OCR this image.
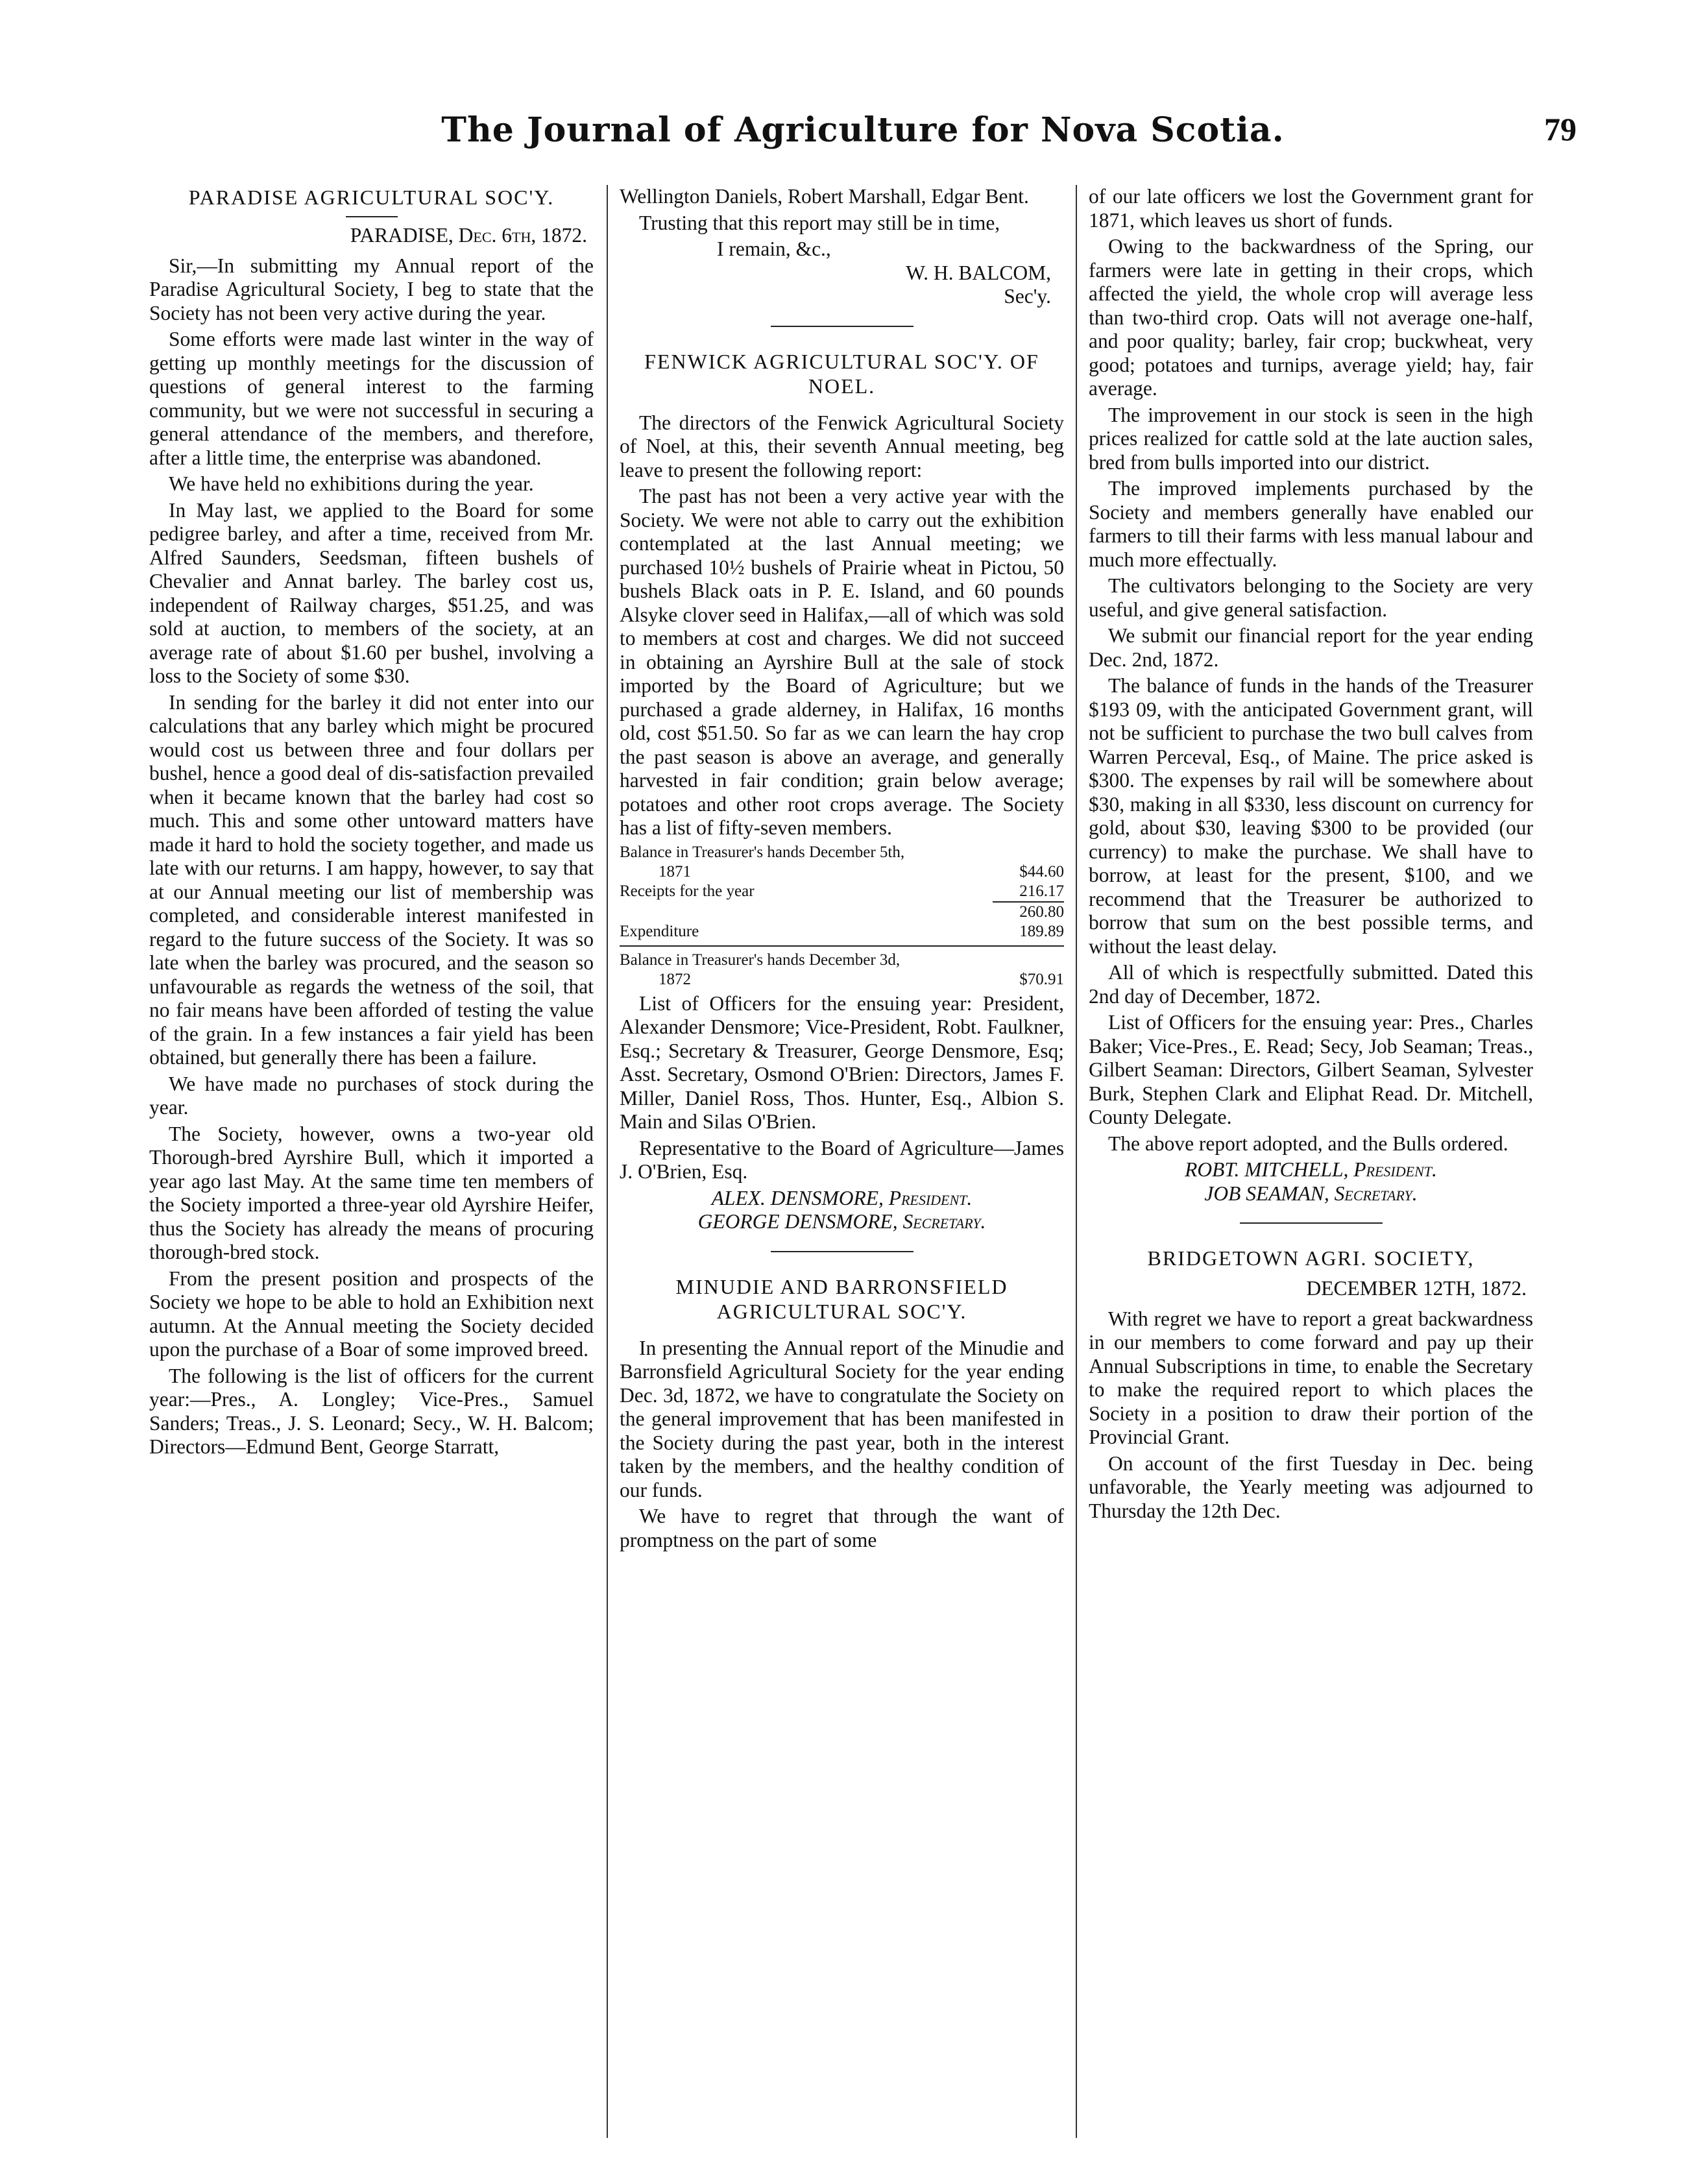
The Journal of Agriculture for Nova Scotia.	79
PARADISE AGRICULTURAL SOC'Y.
PARADISE, Dec. 6th, 1872.

Sir,—In submitting my Annual report of the Paradise Agricultural Society, I beg to state that the Society has not been very active during the year.

Some efforts were made last winter in the way of getting up monthly meetings for the discussion of questions of general interest to the farming community, but we were not successful in securing a general attendance of the members, and therefore, after a little time, the enterprise was abandoned.

We have held no exhibitions during the year.

In May last, we applied to the Board for some pedigree barley, and after a time, received from Mr. Alfred Saunders, Seedsman, fifteen bushels of Chevalier and Annat barley. The barley cost us, independent of Railway charges, $51.25, and was sold at auction, to members of the society, at an average rate of about $1.60 per bushel, involving a loss to the Society of some $30.

In sending for the barley it did not enter into our calculations that any barley which might be procured would cost us between three and four dollars per bushel, hence a good deal of dis-satisfaction prevailed when it became known that the barley had cost so much. This and some other untoward matters have made it hard to hold the society together, and made us late with our returns. I am happy, however, to say that at our Annual meeting our list of membership was completed, and considerable interest manifested in regard to the future success of the Society. It was so late when the barley was procured, and the season so unfavourable as regards the wetness of the soil, that no fair means have been afforded of testing the value of the grain. In a few instances a fair yield has been obtained, but generally there has been a failure.

We have made no purchases of stock during the year.

The Society, however, owns a two-year old Thorough-bred Ayrshire Bull, which it imported a year ago last May. At the same time ten members of the Society imported a three-year old Ayrshire Heifer, thus the Society has already the means of procuring thorough-bred stock.

From the present position and prospects of the Society we hope to be able to hold an Exhibition next autumn. At the Annual meeting the Society decided upon the purchase of a Boar of some improved breed.

The following is the list of officers for the current year:—Pres., A. Longley; Vice-Pres., Samuel Sanders; Treas., J. S. Leonard; Secy., W. H. Balcom; Directors—Edmund Bent, George Starratt,

Wellington Daniels, Robert Marshall, Edgar Bent.

Trusting that this report may still be in time,

I remain, &c.,
W. H. BALCOM,
Sec'y.
FENWICK AGRICULTURAL SOC'Y. OF NOEL.

The directors of the Fenwick Agricultural Society of Noel, at this, their seventh Annual meeting, beg leave to present the following report:

The past has not been a very active year with the Society. We were not able to carry out the exhibition contemplated at the last Annual meeting; we purchased 10½ bushels of Prairie wheat in Pictou, 50 bushels Black oats in P. E. Island, and 60 pounds Alsyke clover seed in Halifax,—all of which was sold to members at cost and charges. We did not succeed in obtaining an Ayrshire Bull at the sale of stock imported by the Board of Agriculture; but we purchased a grade alderney, in Halifax, 16 months old, cost $51.50. So far as we can learn the hay crop the past season is above an average, and generally harvested in fair condition; grain below average; potatoes and other root crops average. The Society has a list of fifty-seven members.

Balance in Treasurer's hands December 5th,
1871	$44.60
Receipts for the year	216.17
260.80
Expenditure	189.89
Balance in Treasurer's hands December 3d,
1872	$70.91

List of Officers for the ensuing year: President, Alexander Densmore; Vice-President, Robt. Faulkner, Esq.; Secretary & Treasurer, George Densmore, Esq; Asst. Secretary, Osmond O'Brien: Directors, James F. Miller, Daniel Ross, Thos. Hunter, Esq., Albion S. Main and Silas O'Brien.

Representative to the Board of Agriculture—James J. O'Brien, Esq.

ALEX. DENSMORE, President.
GEORGE DENSMORE, Secretary.
MINUDIE AND BARRONSFIELD AGRICULTURAL SOC'Y.

In presenting the Annual report of the Minudie and Barronsfield Agricultural Society for the year ending Dec. 3d, 1872, we have to congratulate the Society on the general improvement that has been manifested in the Society during the past year, both in the interest taken by the members, and the healthy condition of our funds.

We have to regret that through the want of promptness on the part of some

of our late officers we lost the Government grant for 1871, which leaves us short of funds.

Owing to the backwardness of the Spring, our farmers were late in getting in their crops, which affected the yield, the whole crop will average less than two-third crop. Oats will not average one-half, and poor quality; barley, fair crop; buckwheat, very good; potatoes and turnips, average yield; hay, fair average.

The improvement in our stock is seen in the high prices realized for cattle sold at the late auction sales, bred from bulls imported into our district.

The improved implements purchased by the Society and members generally have enabled our farmers to till their farms with less manual labour and much more effectually.

The cultivators belonging to the Society are very useful, and give general satisfaction.

We submit our financial report for the year ending Dec. 2nd, 1872.

The balance of funds in the hands of the Treasurer $193 09, with the anticipated Government grant, will not be sufficient to purchase the two bull calves from Warren Perceval, Esq., of Maine. The price asked is $300. The expenses by rail will be somewhere about $30, making in all $330, less discount on currency for gold, about $30, leaving $300 to be provided (our currency) to make the purchase. We shall have to borrow, at least for the present, $100, and we recommend that the Treasurer be authorized to borrow that sum on the best possible terms, and without the least delay.

All of which is respectfully submitted. Dated this 2nd day of December, 1872.

List of Officers for the ensuing year: Pres., Charles Baker; Vice-Pres., E. Read; Secy, Job Seaman; Treas., Gilbert Seaman: Directors, Gilbert Seaman, Sylvester Burk, Stephen Clark and Eliphat Read. Dr. Mitchell, County Delegate.

The above report adopted, and the Bulls ordered.

ROBT. MITCHELL, President.
JOB SEAMAN, Secretary.
BRIDGETOWN AGRI. SOCIETY,
DECEMBER 12TH, 1872.

With regret we have to report a great backwardness in our members to come forward and pay up their Annual Subscriptions in time, to enable the Secretary to make the required report to which places the Society in a position to draw their portion of the Provincial Grant.

On account of the first Tuesday in Dec. being unfavorable, the Yearly meeting was adjourned to Thursday the 12th Dec.
